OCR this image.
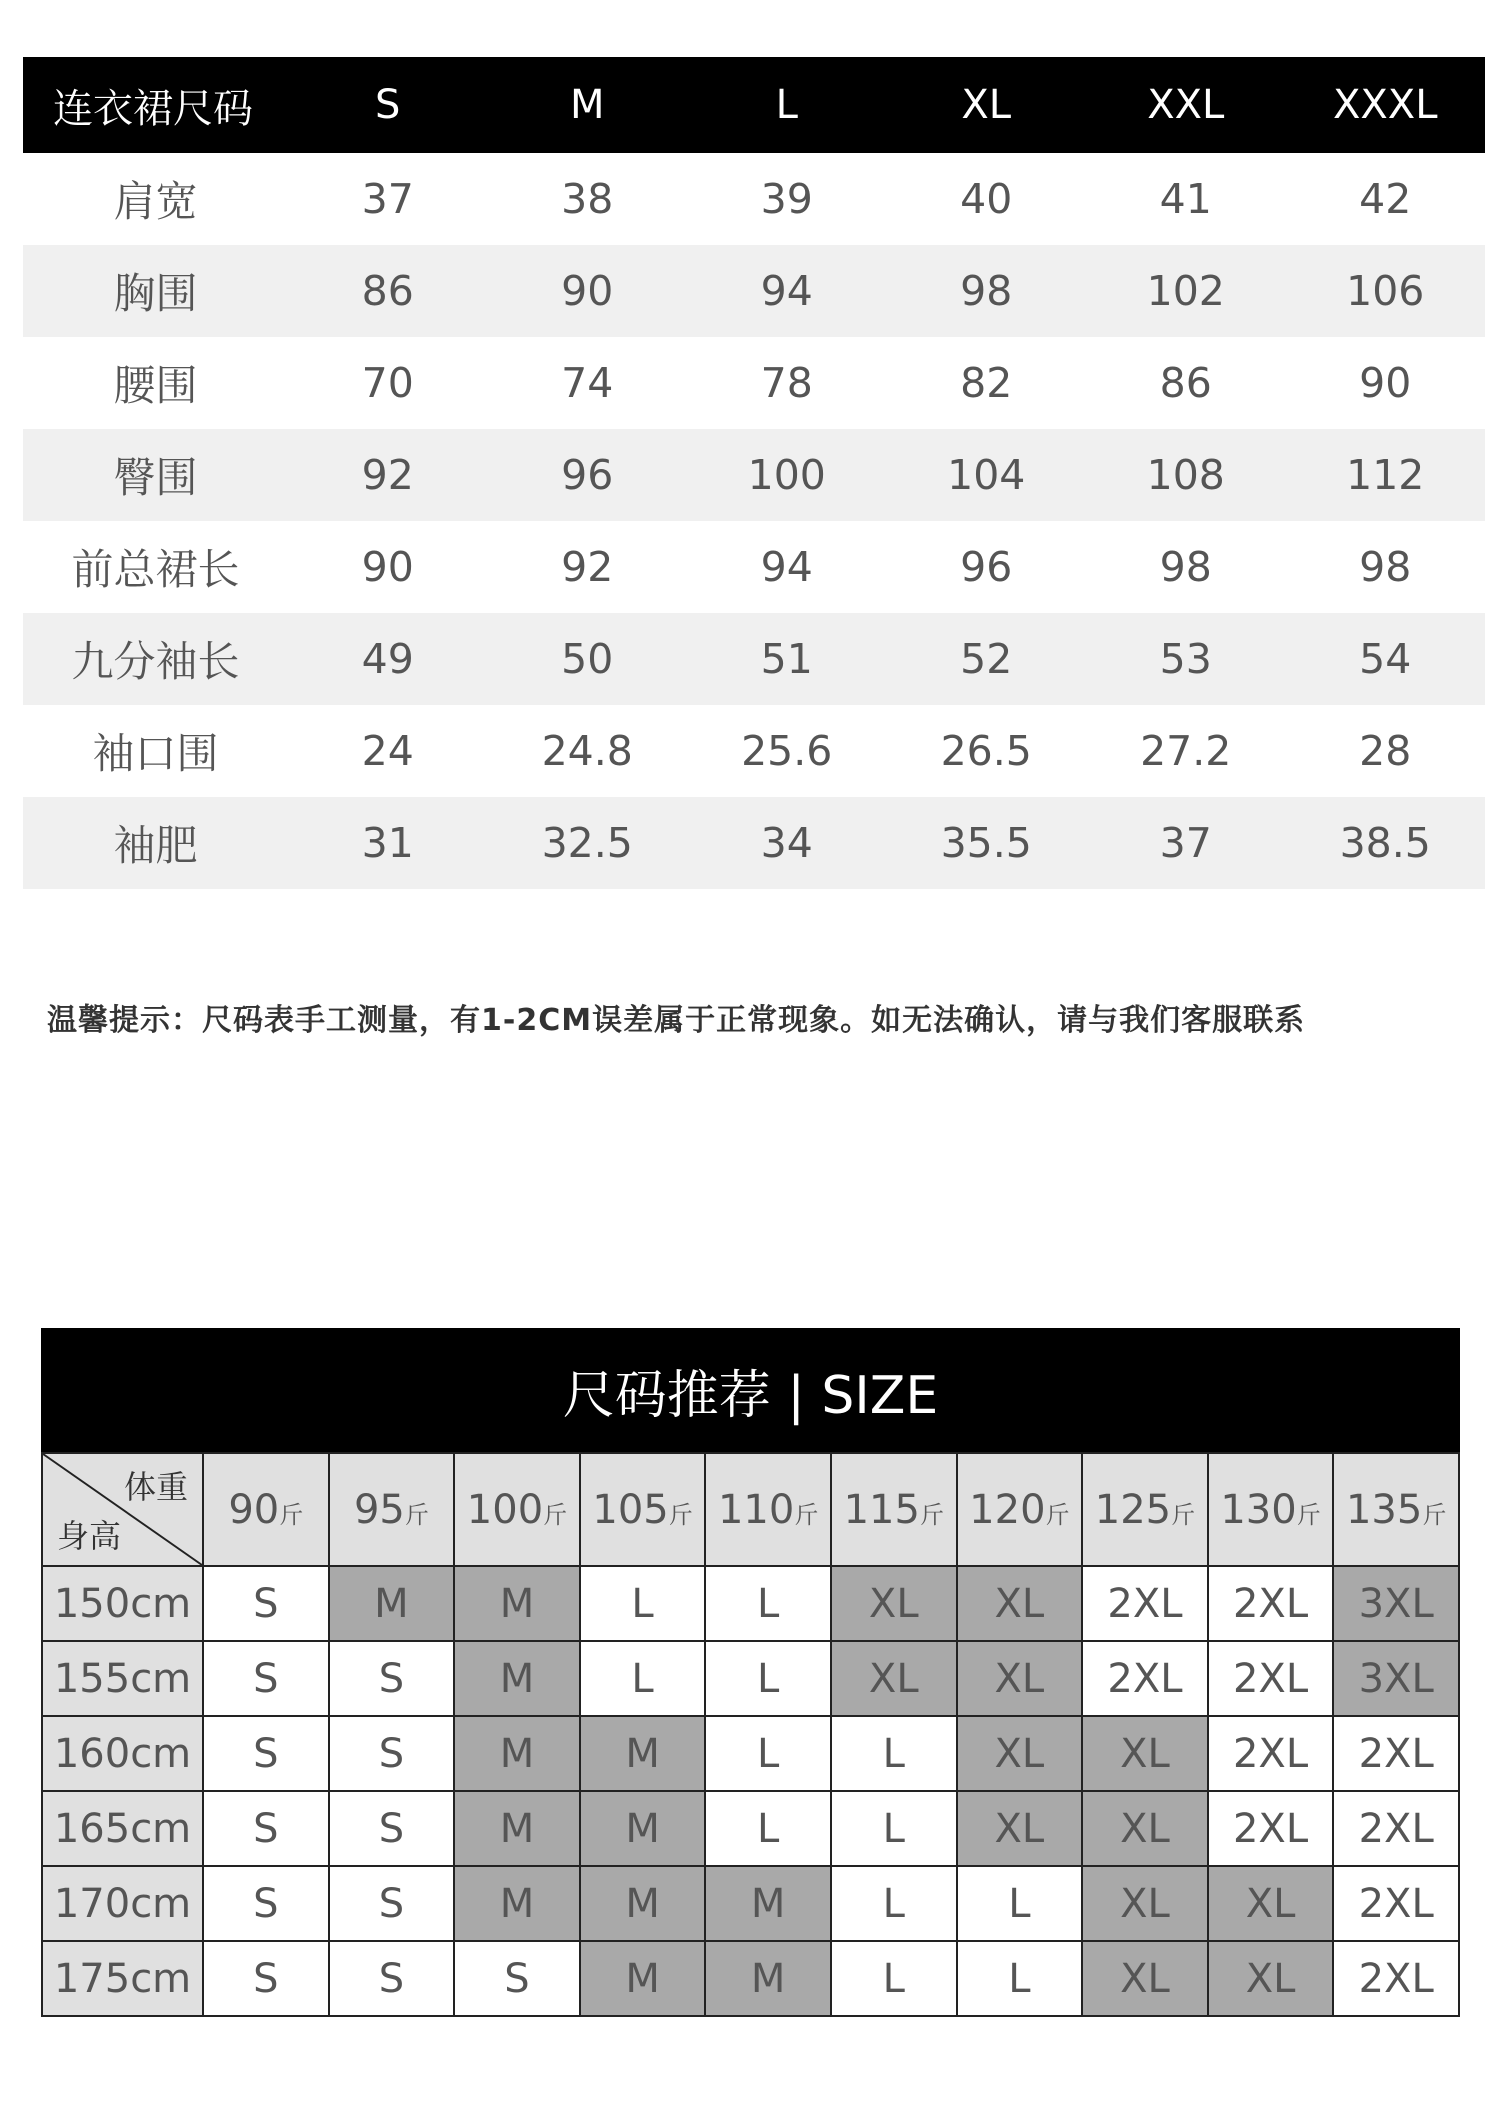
连衣裙尺码	S	M	L	XL	XXL	XXXL
肩宽	37	38	39	40	41	42
胸围	86	90	94	98	102	106
腰围	70	74	78	82	86	90
臀围	92	96	100	104	108	112
前总裙长	90	92	94	96	98	98
九分袖长	49	50	51	52	53	54
袖口围	24	24.8	25.6	26.5	27.2	28
袖肥	31	32.5	34	35.5	37	38.5
温馨提示：尺码表手工测量，有1-2CM误差属于正常现象。如无法确认，请与我们客服联系
尺码推荐 | SIZE
体重
身高	90斤	95斤	100斤	105斤	110斤	115斤	120斤	125斤	130斤	135斤
150cm	S	M	M	L	L	XL	XL	2XL	2XL	3XL
155cm	S	S	M	L	L	XL	XL	2XL	2XL	3XL
160cm	S	S	M	M	L	L	XL	XL	2XL	2XL
165cm	S	S	M	M	L	L	XL	XL	2XL	2XL
170cm	S	S	M	M	M	L	L	XL	XL	2XL
175cm	S	S	S	M	M	L	L	XL	XL	2XL
